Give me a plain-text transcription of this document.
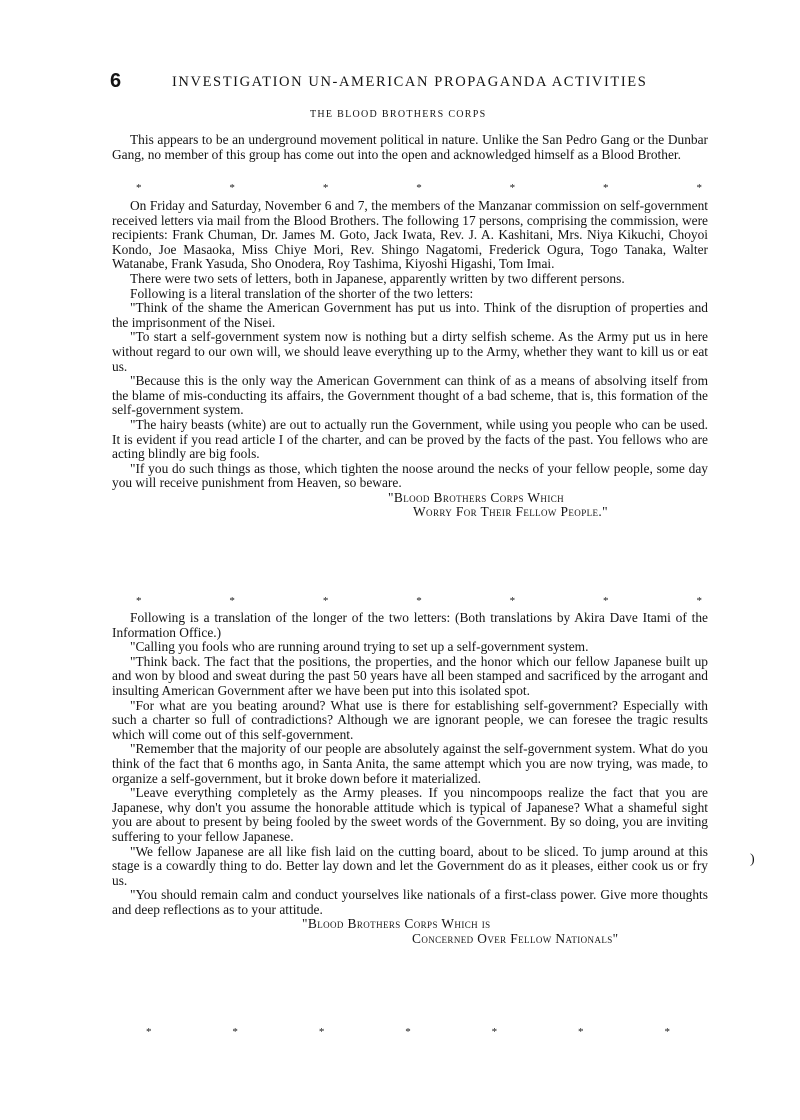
6	INVESTIGATION UN-AMERICAN PROPAGANDA ACTIVITIES
THE BLOOD BROTHERS CORPS

This appears to be an underground movement political in nature. Unlike the San Pedro Gang or the Dunbar Gang, no member of this group has come out into the open and acknowledged himself as a Blood Brother.

*	*	*	*	*	*	*

On Friday and Saturday, November 6 and 7, the members of the Manzanar commission on self-government received letters via mail from the Blood Brothers. The following 17 persons, comprising the commission, were recipients: Frank Chuman, Dr. James M. Goto, Jack Iwata, Rev. J. A. Kashitani, Mrs. Niya Kikuchi, Choyoi Kondo, Joe Masaoka, Miss Chiye Mori, Rev. Shingo Nagatomi, Frederick Ogura, Togo Tanaka, Walter Watanabe, Frank Yasuda, Sho Onodera, Roy Tashima, Kiyoshi Higashi, Tom Imai.

There were two sets of letters, both in Japanese, apparently written by two different persons.

Following is a literal translation of the shorter of the two letters:

"Think of the shame the American Government has put us into. Think of the disruption of properties and the imprisonment of the Nisei.

"To start a self-government system now is nothing but a dirty selfish scheme. As the Army put us in here without regard to our own will, we should leave everything up to the Army, whether they want to kill us or eat us.

"Because this is the only way the American Government can think of as a means of absolving itself from the blame of mis-conducting its affairs, the Government thought of a bad scheme, that is, this formation of the self-government system.

"The hairy beasts (white) are out to actually run the Government, while using you people who can be used. It is evident if you read article I of the charter, and can be proved by the facts of the past. You fellows who are acting blindly are big fools.

"If you do such things as those, which tighten the noose around the necks of your fellow people, some day you will receive punishment from Heaven, so beware.

"Blood Brothers Corps Which

Worry For Their Fellow People."

*	*	*	*	*	*	*

Following is a translation of the longer of the two letters: (Both translations by Akira Dave Itami of the Information Office.)

"Calling you fools who are running around trying to set up a self-government system.

"Think back. The fact that the positions, the properties, and the honor which our fellow Japanese built up and won by blood and sweat during the past 50 years have all been stamped and sacrificed by the arrogant and insulting American Government after we have been put into this isolated spot.

"For what are you beating around? What use is there for establishing self-government? Especially with such a charter so full of contradictions? Although we are ignorant people, we can foresee the tragic results which will come out of this self-government.

"Remember that the majority of our people are absolutely against the self-government system. What do you think of the fact that 6 months ago, in Santa Anita, the same attempt which you are now trying, was made, to organize a self-government, but it broke down before it materialized.

"Leave everything completely as the Army pleases. If you nincompoops realize the fact that you are Japanese, why don't you assume the honorable attitude which is typical of Japanese? What a shameful sight you are about to present by being fooled by the sweet words of the Government. By so doing, you are inviting suffering to your fellow Japanese.

"We fellow Japanese are all like fish laid on the cutting board, about to be sliced. To jump around at this stage is a cowardly thing to do. Better lay down and let the Government do as it pleases, either cook us or fry us.

"You should remain calm and conduct yourselves like nationals of a first-class power. Give more thoughts and deep reflections as to your attitude.

"Blood Brothers Corps Which is

Concerned Over Fellow Nationals"

*	*	*	*	*	*	*
)
